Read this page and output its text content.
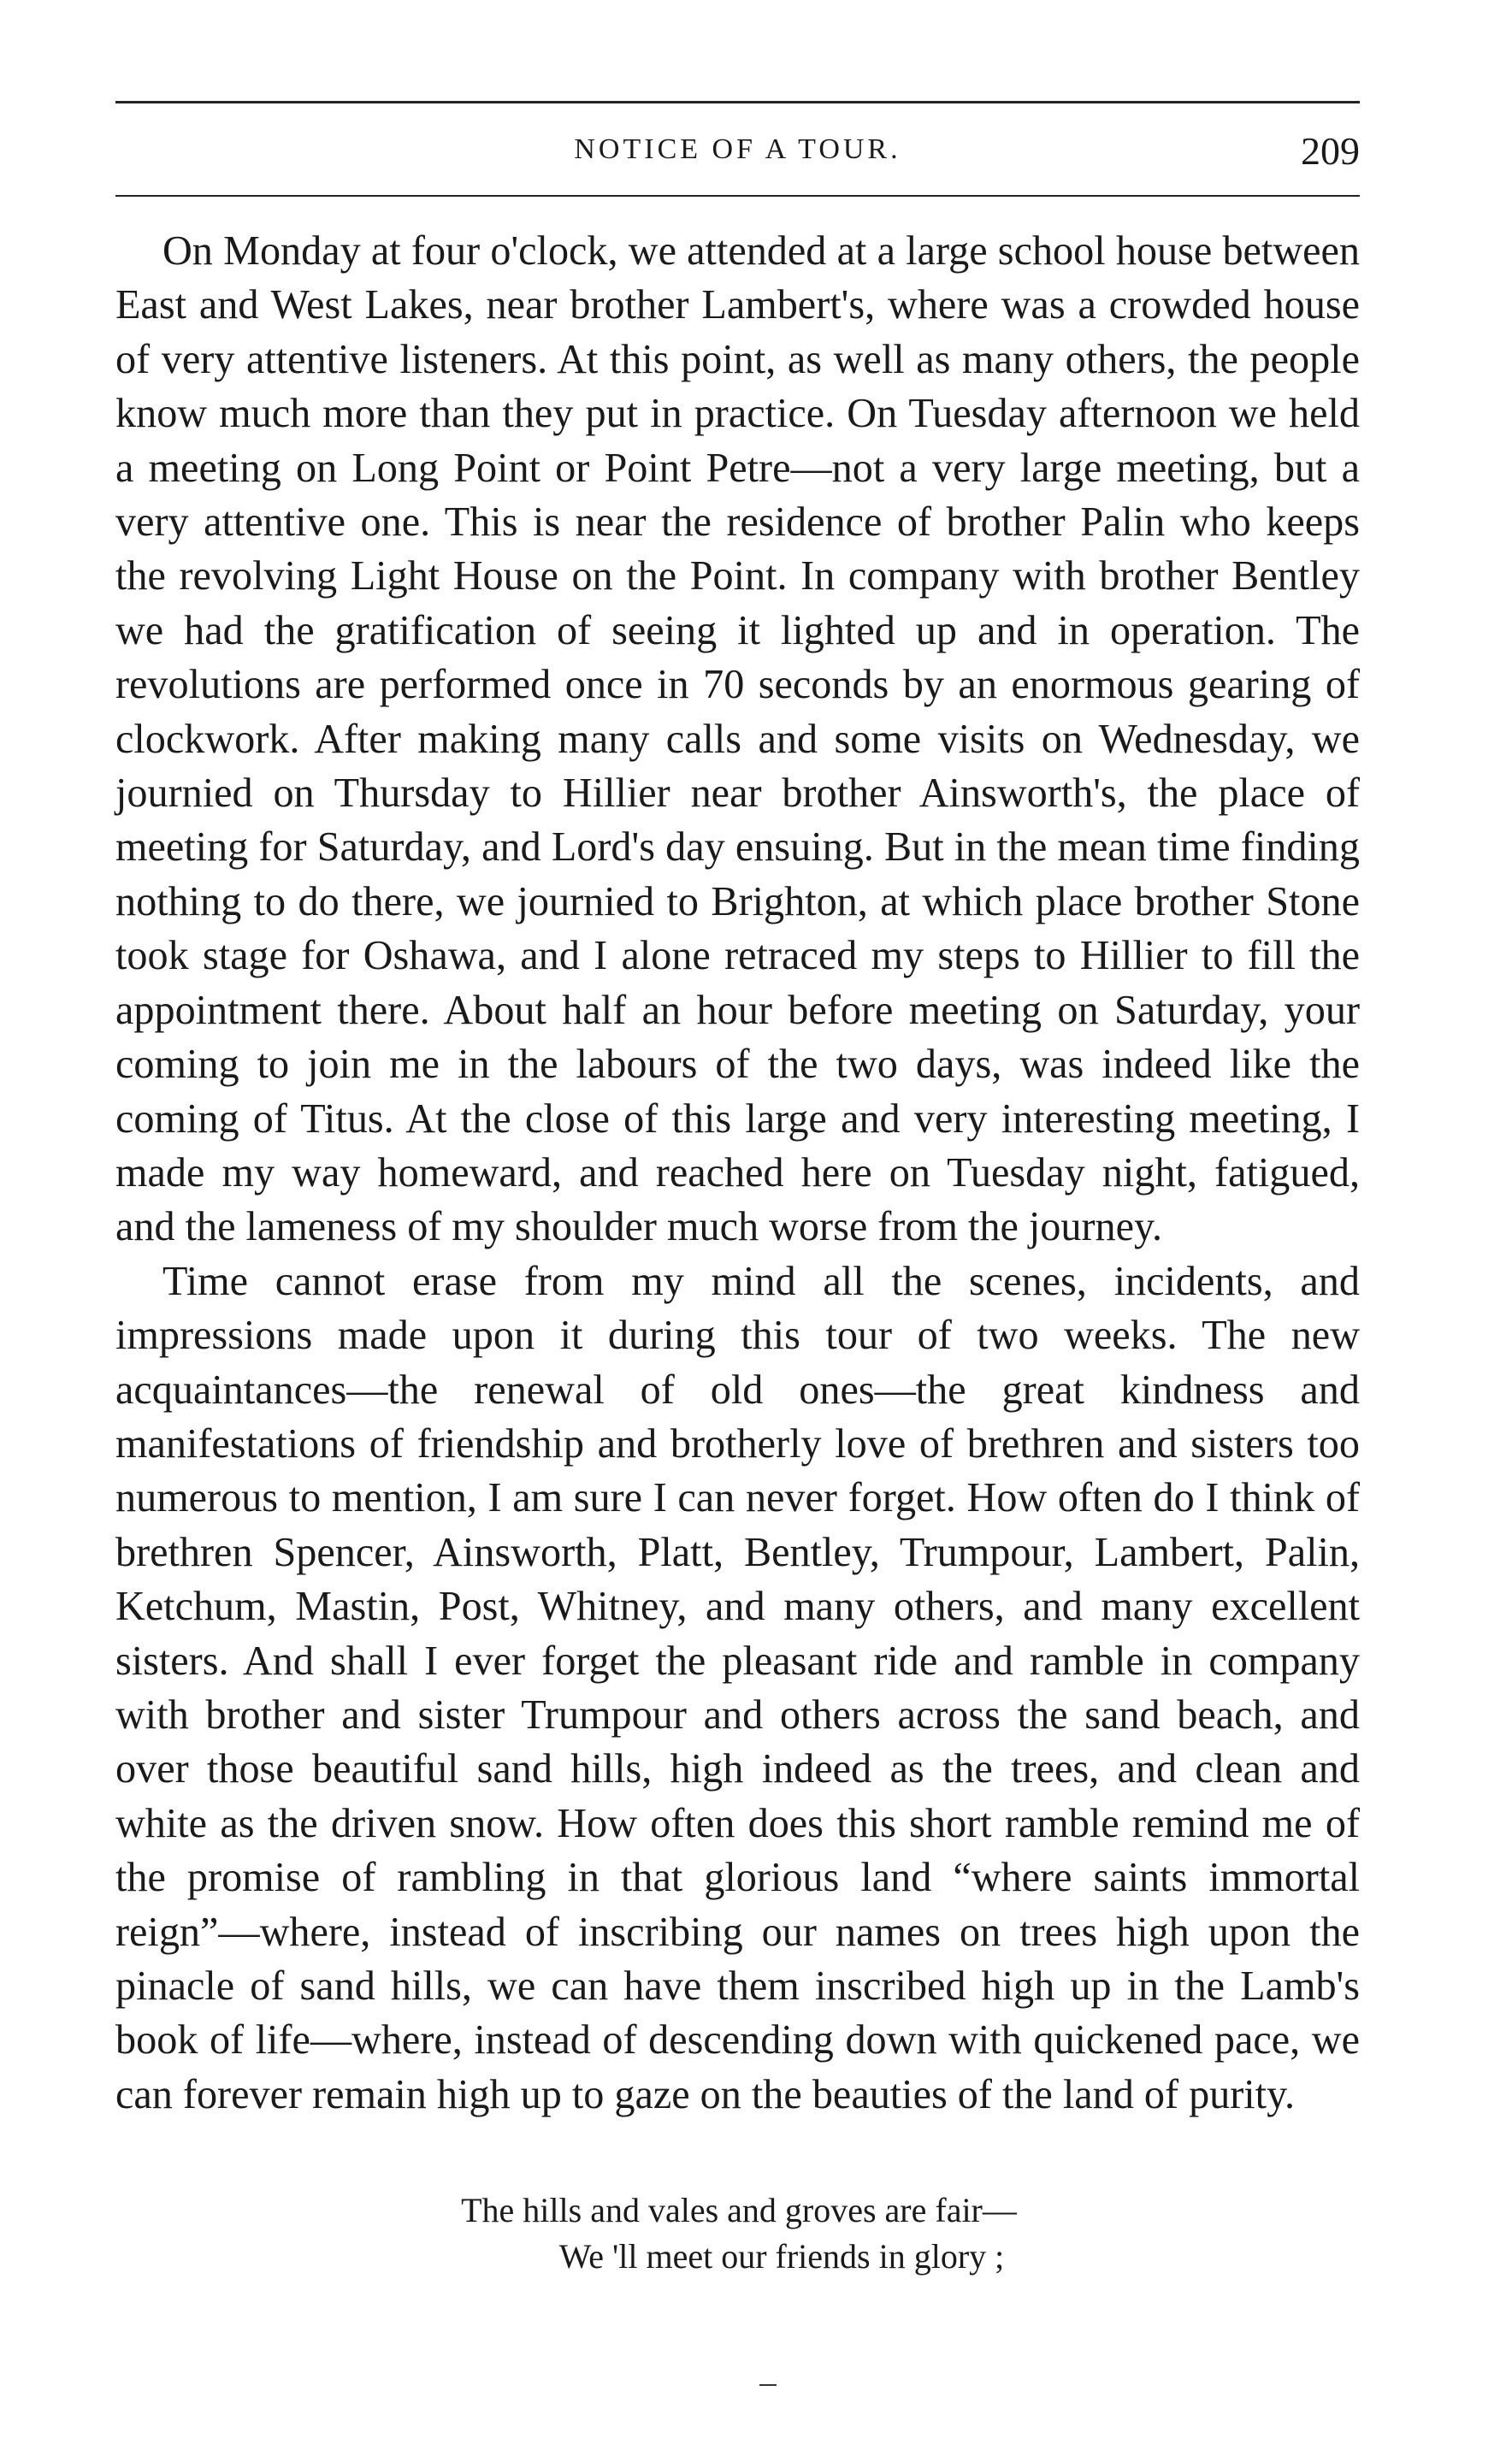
NOTICE OF A TOUR.	209

On Monday at four o'clock, we attended at a large school house between East and West Lakes, near brother Lambert's, where was a crowded house of very attentive listeners. At this point, as well as many others, the people know much more than they put in practice. On Tuesday afternoon we held a meeting on Long Point or Point Petre—not a very large meeting, but a very attentive one. This is near the residence of brother Palin who keeps the revolving Light House on the Point. In company with brother Bentley we had the gratification of seeing it lighted up and in operation. The revolutions are performed once in 70 seconds by an enormous gearing of clockwork. After making many calls and some visits on Wednesday, we journied on Thursday to Hillier near brother Ainsworth's, the place of meeting for Saturday, and Lord's day ensuing. But in the mean time finding nothing to do there, we journied to Brighton, at which place brother Stone took stage for Oshawa, and I alone retraced my steps to Hillier to fill the appointment there. About half an hour before meeting on Saturday, your coming to join me in the labours of the two days, was indeed like the coming of Titus. At the close of this large and very interesting meeting, I made my way homeward, and reached here on Tuesday night, fatigued, and the lameness of my shoulder much worse from the journey.

Time cannot erase from my mind all the scenes, incidents, and impressions made upon it during this tour of two weeks. The new acquaintances—the renewal of old ones—the great kindness and manifestations of friendship and brotherly love of brethren and sisters too numerous to mention, I am sure I can never forget. How often do I think of brethren Spencer, Ainsworth, Platt, Bentley, Trumpour, Lambert, Palin, Ketchum, Mastin, Post, Whitney, and many others, and many excellent sisters. And shall I ever forget the pleasant ride and ramble in company with brother and sister Trumpour and others across the sand beach, and over those beautiful sand hills, high indeed as the trees, and clean and white as the driven snow. How often does this short ramble remind me of the promise of rambling in that glorious land “where saints immortal reign”—where, instead of inscribing our names on trees high upon the pinacle of sand hills, we can have them inscribed high up in the Lamb's book of life—where, instead of descending down with quickened pace, we can forever remain high up to gaze on the beauties of the land of purity.

The hills and vales and groves are fair—
We 'll meet our friends in glory ;
